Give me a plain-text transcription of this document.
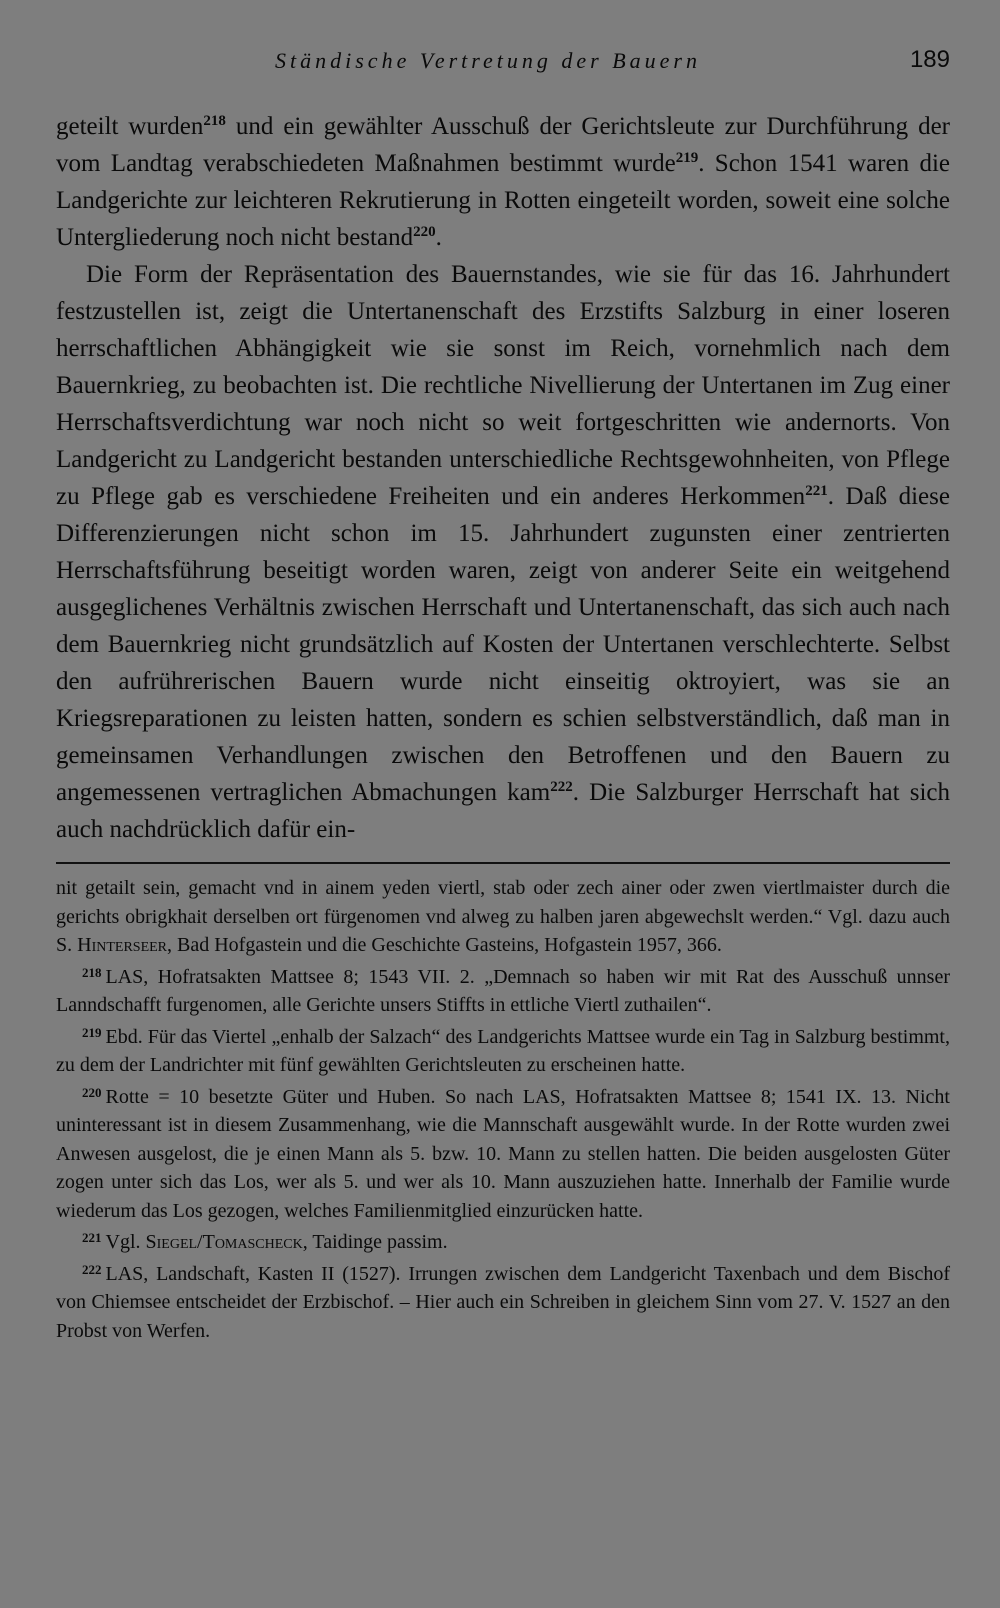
Ständische Vertretung der Bauern	189

geteilt wurden$^{218}$ und ein gewählter Ausschuß der Gerichtsleute zur Durchführung der vom Landtag verabschiedeten Maßnahmen bestimmt wurde$^{219}$. Schon 1541 waren die Landgerichte zur leichteren Rekrutierung in Rotten eingeteilt worden, soweit eine solche Untergliederung noch nicht bestand$^{220}$.

Die Form der Repräsentation des Bauernstandes, wie sie für das 16. Jahrhundert festzustellen ist, zeigt die Untertanenschaft des Erzstifts Salzburg in einer loseren herrschaftlichen Abhängigkeit wie sie sonst im Reich, vornehmlich nach dem Bauernkrieg, zu beobachten ist. Die rechtliche Nivellierung der Untertanen im Zug einer Herrschaftsverdichtung war noch nicht so weit fortgeschritten wie andernorts. Von Landgericht zu Landgericht bestanden unterschiedliche Rechtsgewohnheiten, von Pflege zu Pflege gab es verschiedene Freiheiten und ein anderes Herkommen$^{221}$. Daß diese Differenzierungen nicht schon im 15. Jahrhundert zugunsten einer zentrierten Herrschaftsführung beseitigt worden waren, zeigt von anderer Seite ein weitgehend ausgeglichenes Verhältnis zwischen Herrschaft und Untertanenschaft, das sich auch nach dem Bauernkrieg nicht grundsätzlich auf Kosten der Untertanen verschlechterte. Selbst den aufrührerischen Bauern wurde nicht einseitig oktroyiert, was sie an Kriegsreparationen zu leisten hatten, sondern es schien selbstverständlich, daß man in gemeinsamen Verhandlungen zwischen den Betroffenen und den Bauern zu angemessenen vertraglichen Abmachungen kam$^{222}$. Die Salzburger Herrschaft hat sich auch nachdrücklich dafür ein-

nit getailt sein, gemacht vnd in ainem yeden viertl, stab oder zech ainer oder zwen viertlmaister durch die gerichts obrigkhait derselben ort fürgenomen vnd alweg zu halben jaren abgewechslt werden.“ Vgl. dazu auch S. Hinterseer, Bad Hofgastein und die Geschichte Gasteins, Hofgastein 1957, 366.

$^{218}$ LAS, Hofratsakten Mattsee 8; 1543 VII. 2. „Demnach so haben wir mit Rat des Ausschuß unnser Lanndschafft furgenomen, alle Gerichte unsers Stiffts in ettliche Viertl zuthailen“.

$^{219}$ Ebd. Für das Viertel „enhalb der Salzach“ des Landgerichts Mattsee wurde ein Tag in Salzburg bestimmt, zu dem der Landrichter mit fünf gewählten Gerichtsleuten zu erscheinen hatte.

$^{220}$ Rotte = 10 besetzte Güter und Huben. So nach LAS, Hofratsakten Mattsee 8; 1541 IX. 13. Nicht uninteressant ist in diesem Zusammenhang, wie die Mannschaft ausgewählt wurde. In der Rotte wurden zwei Anwesen ausgelost, die je einen Mann als 5. bzw. 10. Mann zu stellen hatten. Die beiden ausgelosten Güter zogen unter sich das Los, wer als 5. und wer als 10. Mann auszuziehen hatte. Innerhalb der Familie wurde wiederum das Los gezogen, welches Familienmitglied einzurücken hatte.

$^{221}$ Vgl. Siegel/Tomascheck, Taidinge passim.

$^{222}$ LAS, Landschaft, Kasten II (1527). Irrungen zwischen dem Landgericht Taxenbach und dem Bischof von Chiemsee entscheidet der Erzbischof. – Hier auch ein Schreiben in gleichem Sinn vom 27. V. 1527 an den Probst von Werfen.
